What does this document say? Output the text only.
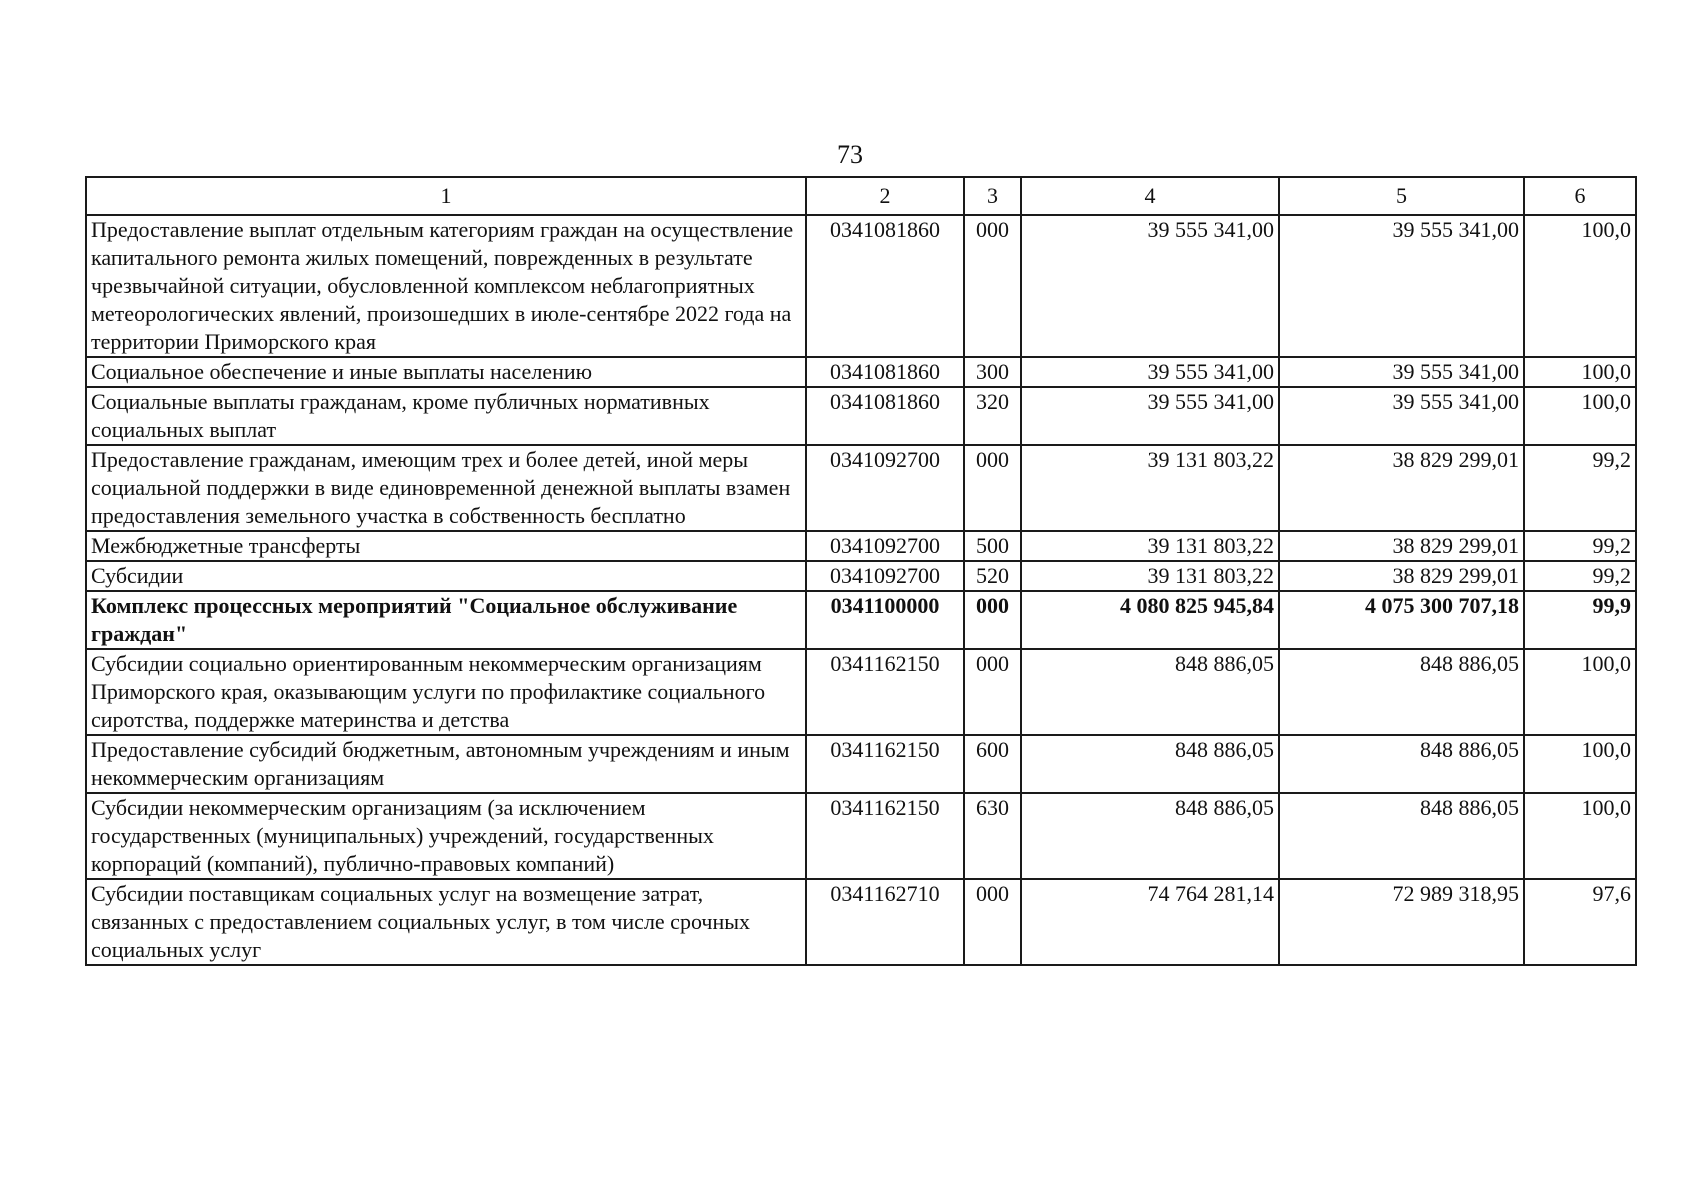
73
1	2	3	4	5	6
Предоставление выплат отдельным категориям граждан на осуществление капитального ремонта жилых помещений, поврежденных в результате чрезвычайной ситуации, обусловленной комплексом неблагоприятных метеорологических явлений, произошедших в июле-сентябре 2022 года на территории Приморского края	0341081860	000	39 555 341,00	39 555 341,00	100,0
Социальное обеспечение и иные выплаты населению	0341081860	300	39 555 341,00	39 555 341,00	100,0
Социальные выплаты гражданам, кроме публичных нормативных социальных выплат	0341081860	320	39 555 341,00	39 555 341,00	100,0
Предоставление гражданам, имеющим трех и более детей, иной меры социальной поддержки в виде единовременной денежной выплаты взамен предоставления земельного участка в собственность бесплатно	0341092700	000	39 131 803,22	38 829 299,01	99,2
Межбюджетные трансферты	0341092700	500	39 131 803,22	38 829 299,01	99,2
Субсидии	0341092700	520	39 131 803,22	38 829 299,01	99,2
Комплекс процессных мероприятий "Социальное обслуживание граждан"	0341100000	000	4 080 825 945,84	4 075 300 707,18	99,9
Субсидии социально ориентированным некоммерческим организациям Приморского края, оказывающим услуги по профилактике социального сиротства, поддержке материнства и детства	0341162150	000	848 886,05	848 886,05	100,0
Предоставление субсидий бюджетным, автономным учреждениям и иным некоммерческим организациям	0341162150	600	848 886,05	848 886,05	100,0
Субсидии некоммерческим организациям (за исключением государственных (муниципальных) учреждений, государственных корпораций (компаний), публично-правовых компаний)	0341162150	630	848 886,05	848 886,05	100,0
Субсидии поставщикам социальных услуг на возмещение затрат, связанных с предоставлением социальных услуг, в том числе срочных социальных услуг	0341162710	000	74 764 281,14	72 989 318,95	97,6
